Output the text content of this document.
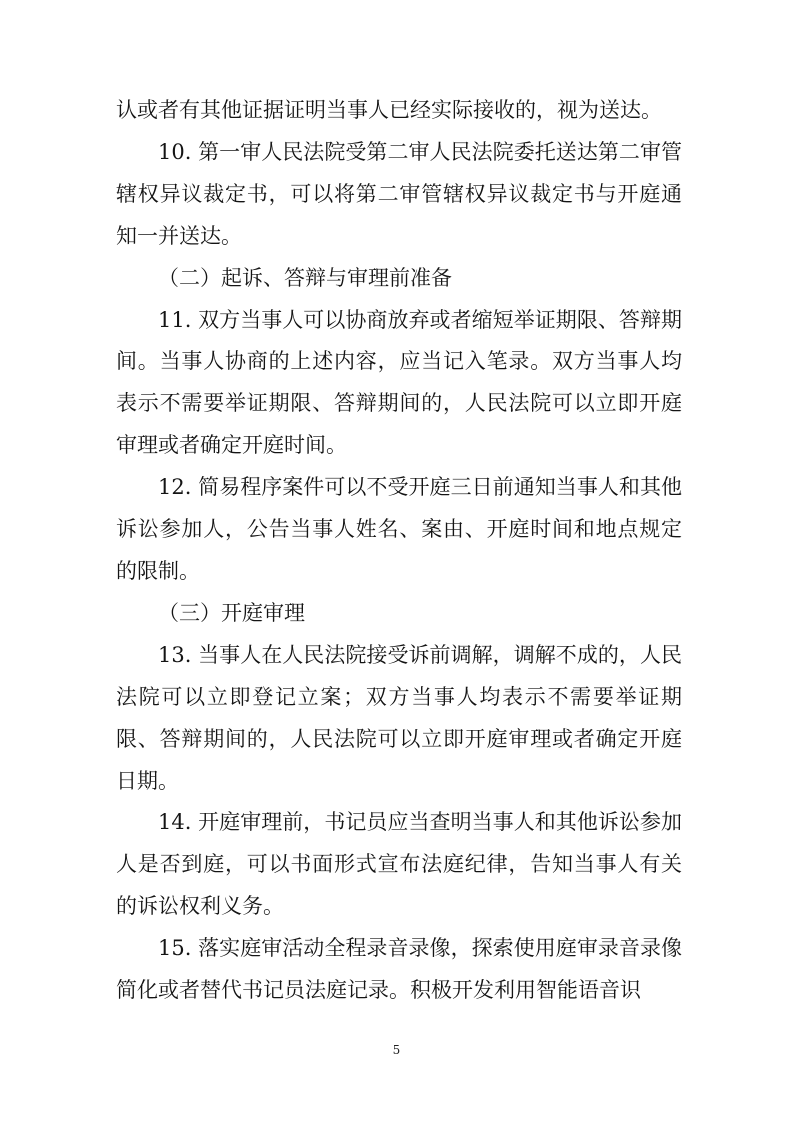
认或者有其他证据证明当事人已经实际接收的，视为送达。

10. 第一审人民法院受第二审人民法院委托送达第二审管辖权异议裁定书，可以将第二审管辖权异议裁定书与开庭通知一并送达。

（二）起诉、答辩与审理前准备

11. 双方当事人可以协商放弃或者缩短举证期限、答辩期间。当事人协商的上述内容，应当记入笔录。双方当事人均表示不需要举证期限、答辩期间的，人民法院可以立即开庭审理或者确定开庭时间。

12. 简易程序案件可以不受开庭三日前通知当事人和其他诉讼参加人，公告当事人姓名、案由、开庭时间和地点规定的限制。

（三）开庭审理

13. 当事人在人民法院接受诉前调解，调解不成的，人民法院可以立即登记立案；双方当事人均表示不需要举证期限、答辩期间的，人民法院可以立即开庭审理或者确定开庭日期。

14. 开庭审理前，书记员应当查明当事人和其他诉讼参加人是否到庭，可以书面形式宣布法庭纪律，告知当事人有关的诉讼权利义务。

15. 落实庭审活动全程录音录像，探索使用庭审录音录像简化或者替代书记员法庭记录。积极开发利用智能语音识

5
